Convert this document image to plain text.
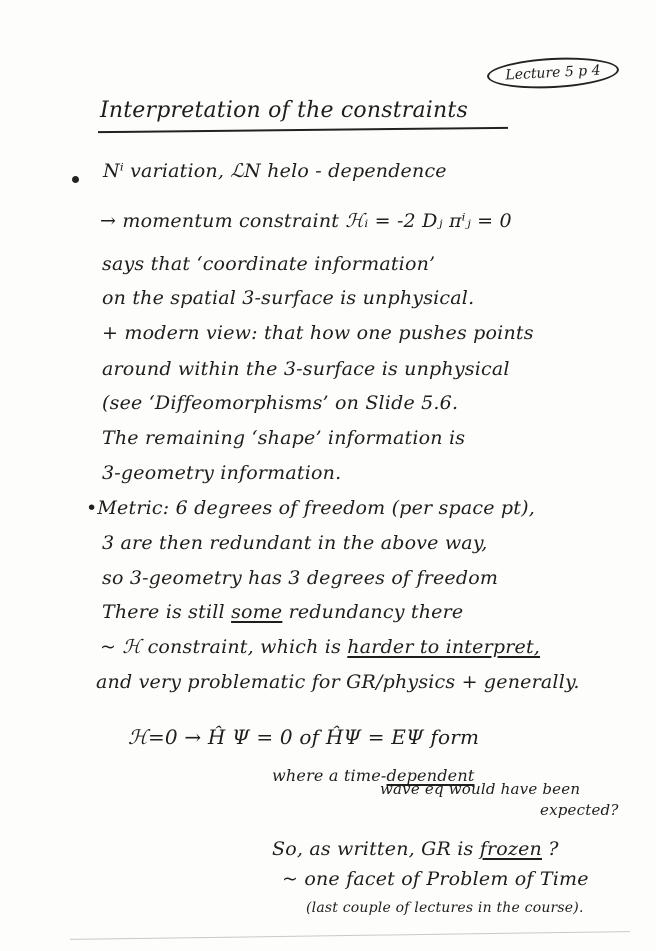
Lecture 5 p 4
Interpretation of the constraints
Nⁱ variation, ℒN helo - dependence
→ momentum constraint ℋᵢ = -2 Dⱼ πⁱⱼ = 0
says that ‘coordinate information’
on the spatial 3-surface is unphysical.
+ modern view: that how one pushes points
around within the 3-surface is unphysical
(see ‘Diffeomorphisms’ on Slide 5.6.
The remaining ‘shape’ information is
3-geometry information.
•Metric: 6 degrees of freedom (per space pt),
3 are then redundant in the above way,
so 3-geometry has 3 degrees of freedom
There is still some redundancy there
~ ℋ constraint, which is harder to interpret,
and very problematic for GR/physics + generally.
ℋ=0 → Ĥ Ψ = 0 of ĤΨ = EΨ form
where a time-dependent
wave eq would have been
expected?
So, as written, GR is frozen ?
~ one facet of Problem of Time
(last couple of lectures in the course).
